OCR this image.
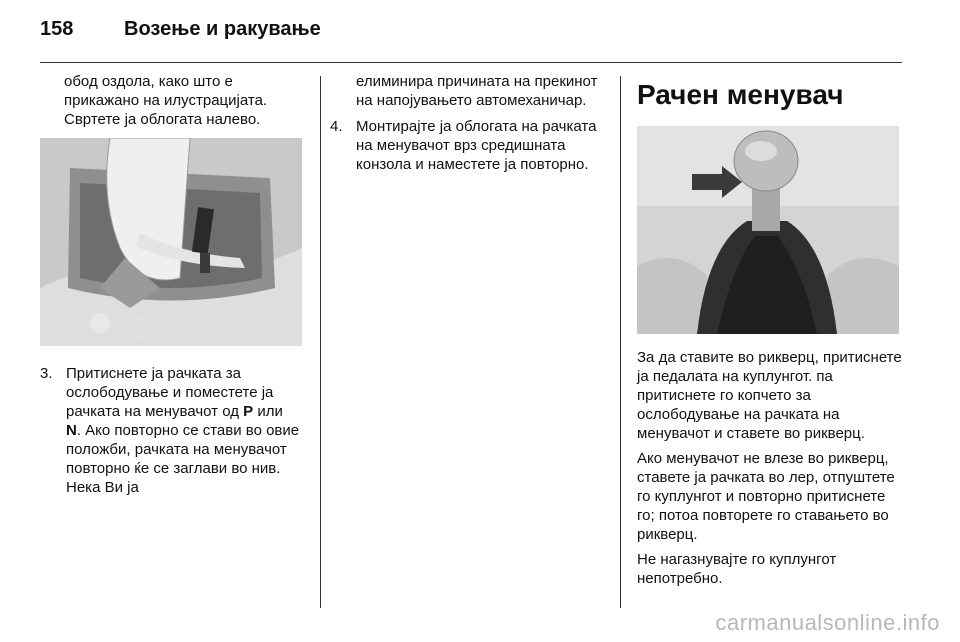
158	Возење и ракување
обод оздола, како што е
прикажано на илустрацијата.
Свртете ја облогата налево.
3. Притиснете ја рачката за ослободување и поместете ја рачката на менувачот од P или N. Ако повторно се стави во овие положби, рачката на менувачот повторно ќе се заглави во нив. Нека Ви ја

елиминира причината на прекинот на напојувањето автомеханичар.

4. Монтирајте ја облогата на рачката на менувачот врз средишната конзола и наместете ја повторно.
Рачен менувач

За да ставите во рикверц, притиснете ја педалата на куплунгот. па притиснете го копчето за ослободување на рачката на менувачот и ставете во рикверц.

Ако менувачот не влезе во рикверц, ставете ја рачката во лер, отпуштете го куплунгот и повторно притиснете го; потоа повторете го ставањето во рикверц.

Не нагазнувајте го куплунгот непотребно.

carmanualsonline.info
